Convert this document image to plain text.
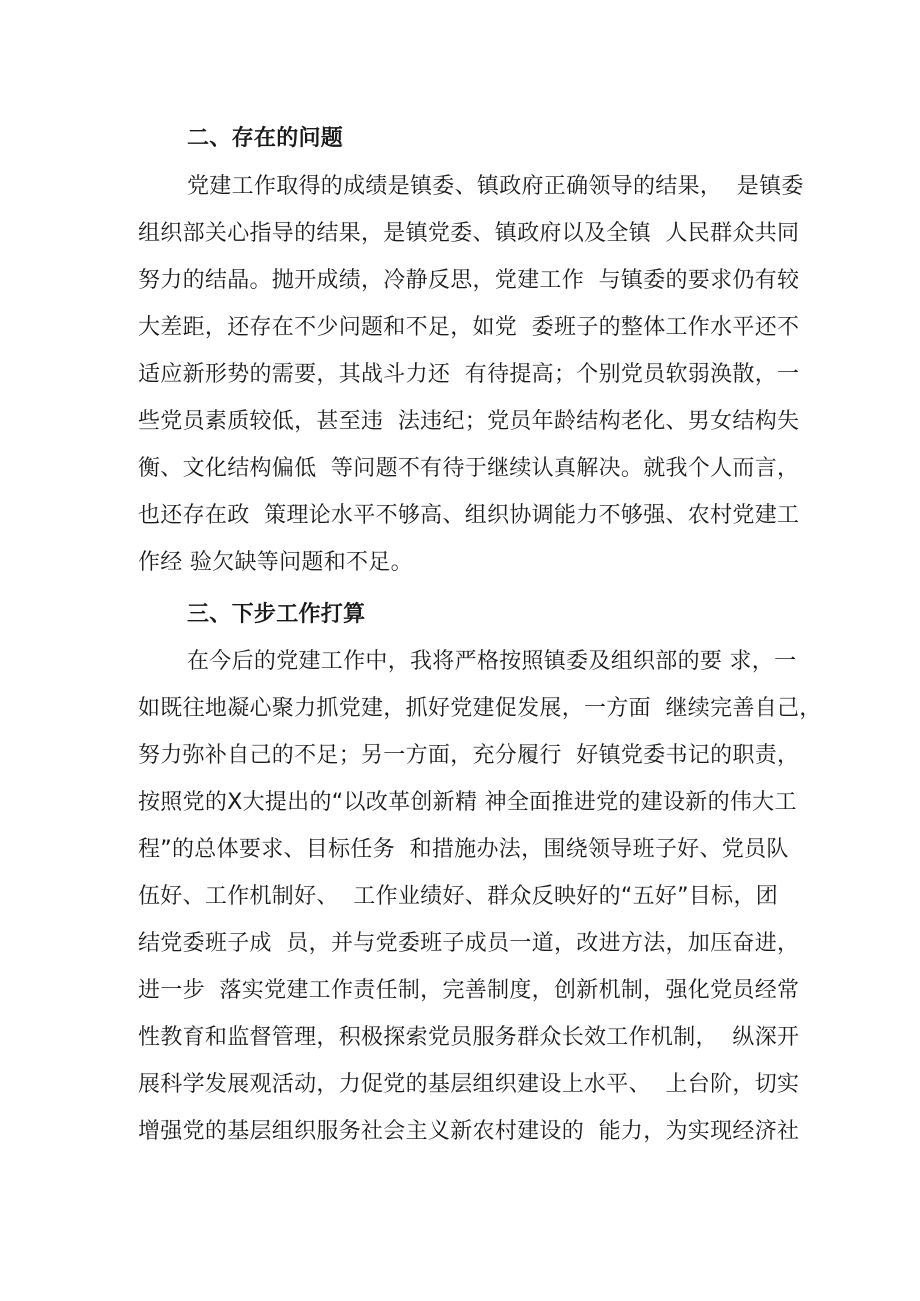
二、存在的问题
党建工作取得的成绩是镇委、镇政府正确领导的结果，  是镇委
组织部关心指导的结果，是镇党委、镇政府以及全镇  人民群众共同
努力的结晶。抛开成绩，冷静反思，党建工作  与镇委的要求仍有较
大差距，还存在不少问题和不足，如党  委班子的整体工作水平还不
适应新形势的需要，其战斗力还  有待提高；个别党员软弱涣散，一
些党员素质较低，甚至违  法违纪；党员年龄结构老化、男女结构失
衡、文化结构偏低  等问题不有待于继续认真解决。就我个人而言，
也还存在政  策理论水平不够高、组织协调能力不够强、农村党建工
作经 验欠缺等问题和不足。
三、下步工作打算
在今后的党建工作中，我将严格按照镇委及组织部的要 求，一
如既往地凝心聚力抓党建，抓好党建促发展，一方面  继续完善自己，
努力弥补自己的不足；另一方面，充分履行  好镇党委书记的职责，
按照党的X大提出的“以改革创新精 神全面推进党的建设新的伟大工
程”的总体要求、目标任务  和措施办法，围绕领导班子好、党员队
伍好、工作机制好、  工作业绩好、群众反映好的“五好”目标，团
结党委班子成  员，并与党委班子成员一道，改进方法，加压奋进，
进一步  落实党建工作责任制，完善制度，创新机制，强化党员经常
性教育和监督管理，积极探索党员服务群众长效工作机制，  纵深开
展科学发展观活动，力促党的基层组织建设上水平、  上台阶，切实
增强党的基层组织服务社会主义新农村建设的  能力，为实现经济社
